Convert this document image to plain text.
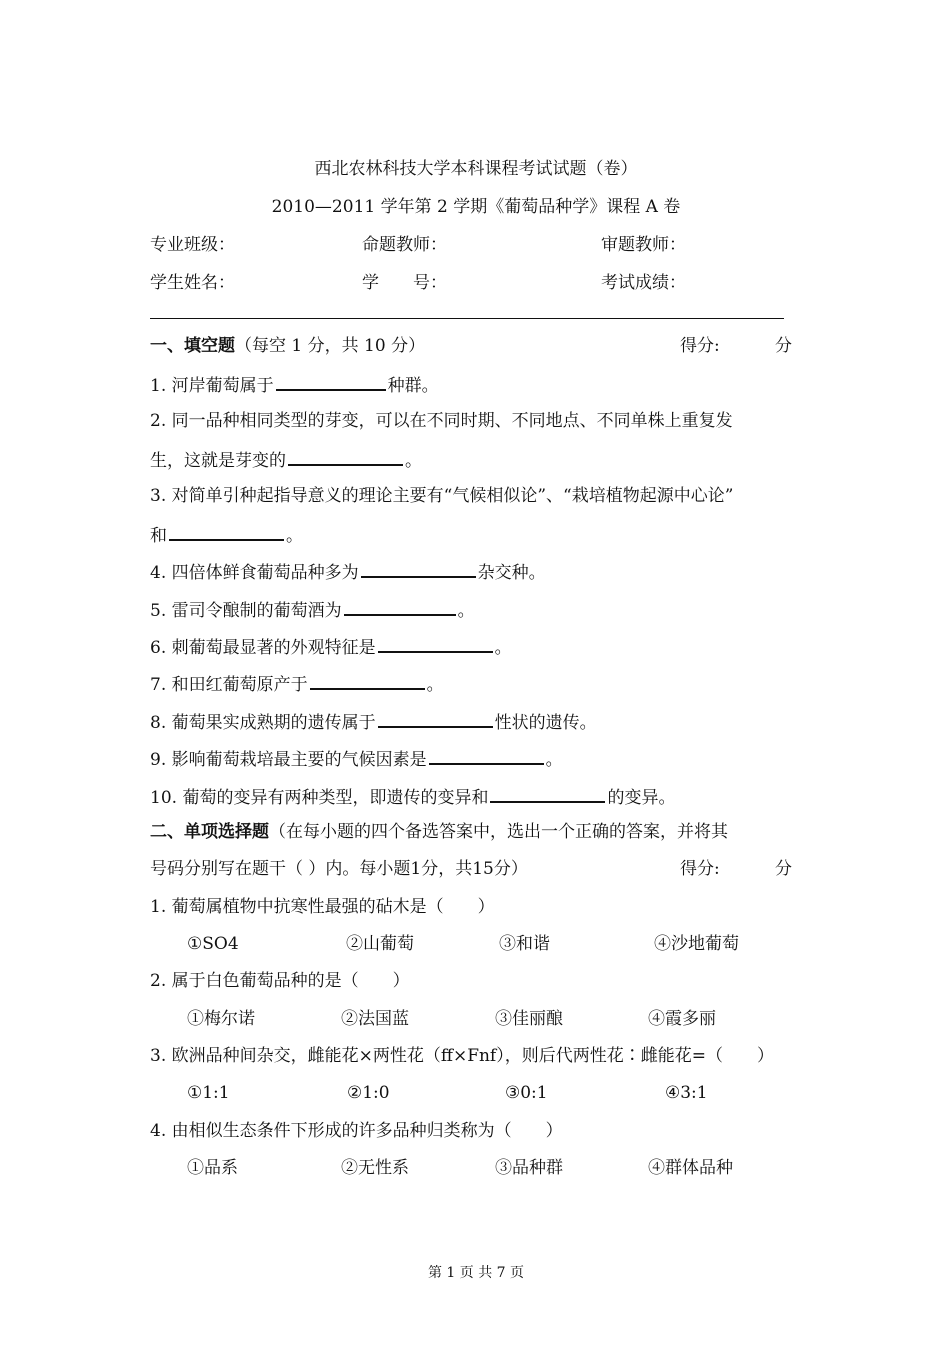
西北农林科技大学本科课程考试试题（卷）
2010—2011 学年第 2 学期《葡萄品种学》课程 A 卷
专业班级：	命题教师：	审题教师：
学生姓名：	学　　号：	考试成绩：
一、填空题（每空 1 分，共 10 分）	得分:	分
1. 河岸葡萄属于	种群。
2. 同一品种相同类型的芽变，可以在不同时期、不同地点、不同单株上重复发
生，这就是芽变的	。
3. 对简单引种起指导意义的理论主要有“气候相似论”、“栽培植物起源中心论”
和	。
4. 四倍体鲜食葡萄品种多为	杂交种。
5. 雷司令酿制的葡萄酒为	。
6. 刺葡萄最显著的外观特征是	。
7. 和田红葡萄原产于	。
8. 葡萄果实成熟期的遗传属于	性状的遗传。
9. 影响葡萄栽培最主要的气候因素是	。
10. 葡萄的变异有两种类型，即遗传的变异和	的变异。
二、单项选择题（在每小题的四个备选答案中，选出一个正确的答案，并将其
号码分别写在题干（ ）内。每小题1分，共15分）	得分:	分
1. 葡萄属植物中抗寒性最强的砧木是（　　）
①SO4	②山葡萄	③和谐	④沙地葡萄
2. 属于白色葡萄品种的是（　　）
①梅尔诺	②法国蓝	③佳丽酿	④霞多丽
3. 欧洲品种间杂交，雌能花×两性花（ff×Fnf），则后代两性花∶雌能花=（　　）
①1:1	②1:0	③0:1	④3:1
4. 由相似生态条件下形成的许多品种归类称为（　　）
①品系	②无性系	③品种群	④群体品种
第 1 页 共 7 页
